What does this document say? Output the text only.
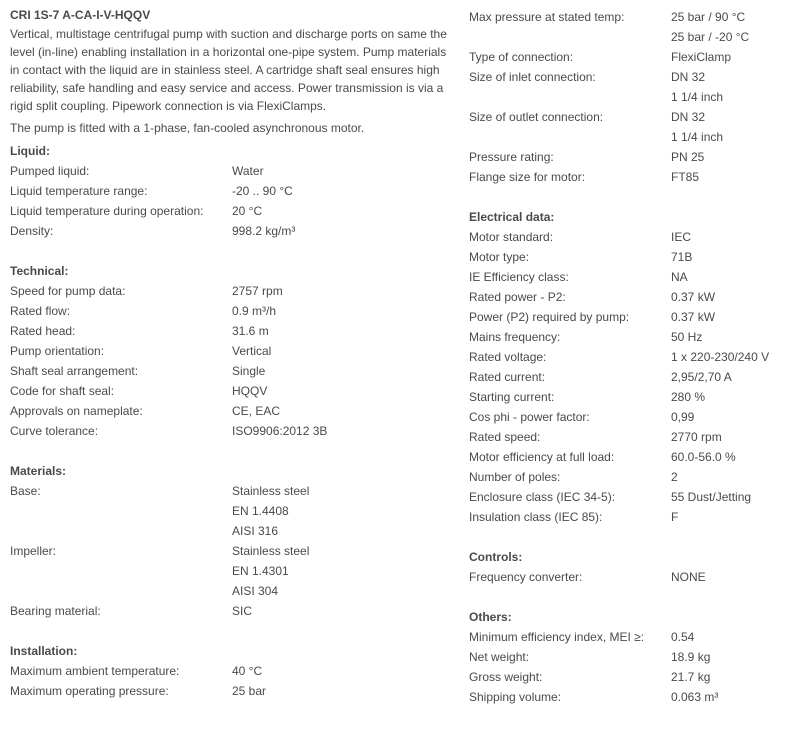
CRI 1S-7 A-CA-I-V-HQQV

Vertical, multistage centrifugal pump with suction and discharge ports on same the level (in-line) enabling installation in a horizontal one-pipe system. Pump materials in contact with the liquid are in stainless steel. A cartridge shaft seal ensures high reliability, safe handling and easy service and access. Power transmission is via a rigid split coupling. Pipework connection is via FlexiClamps.

The pump is fitted with a 1-phase, fan-cooled asynchronous motor.

Liquid:
Pumped liquid:	Water
Liquid temperature range:	-20 .. 90 °C
Liquid temperature during operation:	20 °C
Density:	998.2 kg/m³
Technical:
Speed for pump data:	2757 rpm
Rated flow:	0.9 m³/h
Rated head:	31.6 m
Pump orientation:	Vertical
Shaft seal arrangement:	Single
Code for shaft seal:	HQQV
Approvals on nameplate:	CE, EAC
Curve tolerance:	ISO9906:2012 3B
Materials:
Base:	Stainless steel
EN 1.4408
AISI 316
Impeller:	Stainless steel
EN 1.4301
AISI 304
Bearing material:	SIC
Installation:
Maximum ambient temperature:	40 °C
Maximum operating pressure:	25 bar
Max pressure at stated temp:	25 bar / 90 °C
25 bar / -20 °C
Type of connection:	FlexiClamp
Size of inlet connection:	DN 32
1 1/4 inch
Size of outlet connection:	DN 32
1 1/4 inch
Pressure rating:	PN 25
Flange size for motor:	FT85
Electrical data:
Motor standard:	IEC
Motor type:	71B
IE Efficiency class:	NA
Rated power - P2:	0.37 kW
Power (P2) required by pump:	0.37 kW
Mains frequency:	50 Hz
Rated voltage:	1 x 220-230/240 V
Rated current:	2,95/2,70 A
Starting current:	280 %
Cos phi - power factor:	0,99
Rated speed:	2770 rpm
Motor efficiency at full load:	60.0-56.0 %
Number of poles:	2
Enclosure class (IEC 34-5):	55 Dust/Jetting
Insulation class (IEC 85):	F
Controls:
Frequency converter:	NONE
Others:
Minimum efficiency index, MEI ≥:	0.54
Net weight:	18.9 kg
Gross weight:	21.7 kg
Shipping volume:	0.063 m³
